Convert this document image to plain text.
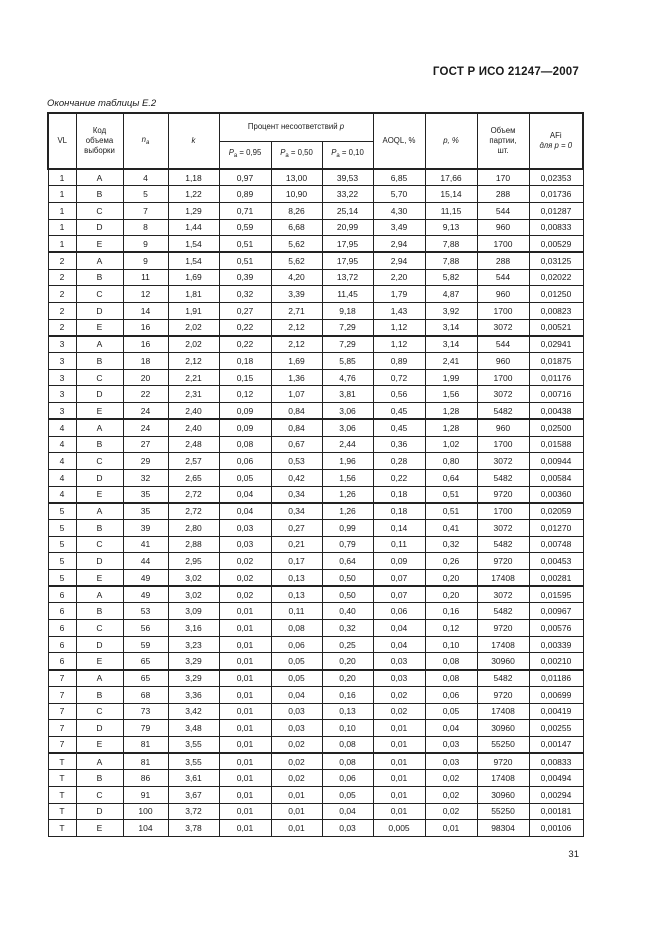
ГОСТ Р ИСО 21247—2007
Окончание таблицы Е.2
VL	Код
объема
выборки	$n_a$	k	Процент несоответствий p			AOQL, %	p, %	Объем
партии,
шт.	AFi
для p = 0
				$P_a = 0,95$	$P_a = 0,50$	$P_a = 0,10$				
1	A	4	1,18	0,97	13,00	39,53	6,85	17,66	170	0,02353
1	B	5	1,22	0,89	10,90	33,22	5,70	15,14	288	0,01736
1	C	7	1,29	0,71	8,26	25,14	4,30	11,15	544	0,01287
1	D	8	1,44	0,59	6,68	20,99	3,49	9,13	960	0,00833
1	E	9	1,54	0,51	5,62	17,95	2,94	7,88	1700	0,00529
2	A	9	1,54	0,51	5,62	17,95	2,94	7,88	288	0,03125
2	B	11	1,69	0,39	4,20	13,72	2,20	5,82	544	0,02022
2	C	12	1,81	0,32	3,39	11,45	1,79	4,87	960	0,01250
2	D	14	1,91	0,27	2,71	9,18	1,43	3,92	1700	0,00823
2	E	16	2,02	0,22	2,12	7,29	1,12	3,14	3072	0,00521
3	A	16	2,02	0,22	2,12	7,29	1,12	3,14	544	0,02941
3	B	18	2,12	0,18	1,69	5,85	0,89	2,41	960	0,01875
3	C	20	2,21	0,15	1,36	4,76	0,72	1,99	1700	0,01176
3	D	22	2,31	0,12	1,07	3,81	0,56	1,56	3072	0,00716
3	E	24	2,40	0,09	0,84	3,06	0,45	1,28	5482	0,00438
4	A	24	2,40	0,09	0,84	3,06	0,45	1,28	960	0,02500
4	B	27	2,48	0,08	0,67	2,44	0,36	1,02	1700	0,01588
4	C	29	2,57	0,06	0,53	1,96	0,28	0,80	3072	0,00944
4	D	32	2,65	0,05	0,42	1,56	0,22	0,64	5482	0,00584
4	E	35	2,72	0,04	0,34	1,26	0,18	0,51	9720	0,00360
5	A	35	2,72	0,04	0,34	1,26	0,18	0,51	1700	0,02059
5	B	39	2,80	0,03	0,27	0,99	0,14	0,41	3072	0,01270
5	C	41	2,88	0,03	0,21	0,79	0,11	0,32	5482	0,00748
5	D	44	2,95	0,02	0,17	0,64	0,09	0,26	9720	0,00453
5	E	49	3,02	0,02	0,13	0,50	0,07	0,20	17408	0,00281
6	A	49	3,02	0,02	0,13	0,50	0,07	0,20	3072	0,01595
6	B	53	3,09	0,01	0,11	0,40	0,06	0,16	5482	0,00967
6	C	56	3,16	0,01	0,08	0,32	0,04	0,12	9720	0,00576
6	D	59	3,23	0,01	0,06	0,25	0,04	0,10	17408	0,00339
6	E	65	3,29	0,01	0,05	0,20	0,03	0,08	30960	0,00210
7	A	65	3,29	0,01	0,05	0,20	0,03	0,08	5482	0,01186
7	B	68	3,36	0,01	0,04	0,16	0,02	0,06	9720	0,00699
7	C	73	3,42	0,01	0,03	0,13	0,02	0,05	17408	0,00419
7	D	79	3,48	0,01	0,03	0,10	0,01	0,04	30960	0,00255
7	E	81	3,55	0,01	0,02	0,08	0,01	0,03	55250	0,00147
T	A	81	3,55	0,01	0,02	0,08	0,01	0,03	9720	0,00833
T	B	86	3,61	0,01	0,02	0,06	0,01	0,02	17408	0,00494
T	C	91	3,67	0,01	0,01	0,05	0,01	0,02	30960	0,00294
T	D	100	3,72	0,01	0,01	0,04	0,01	0,02	55250	0,00181
T	E	104	3,78	0,01	0,01	0,03	0,005	0,01	98304	0,00106
31
